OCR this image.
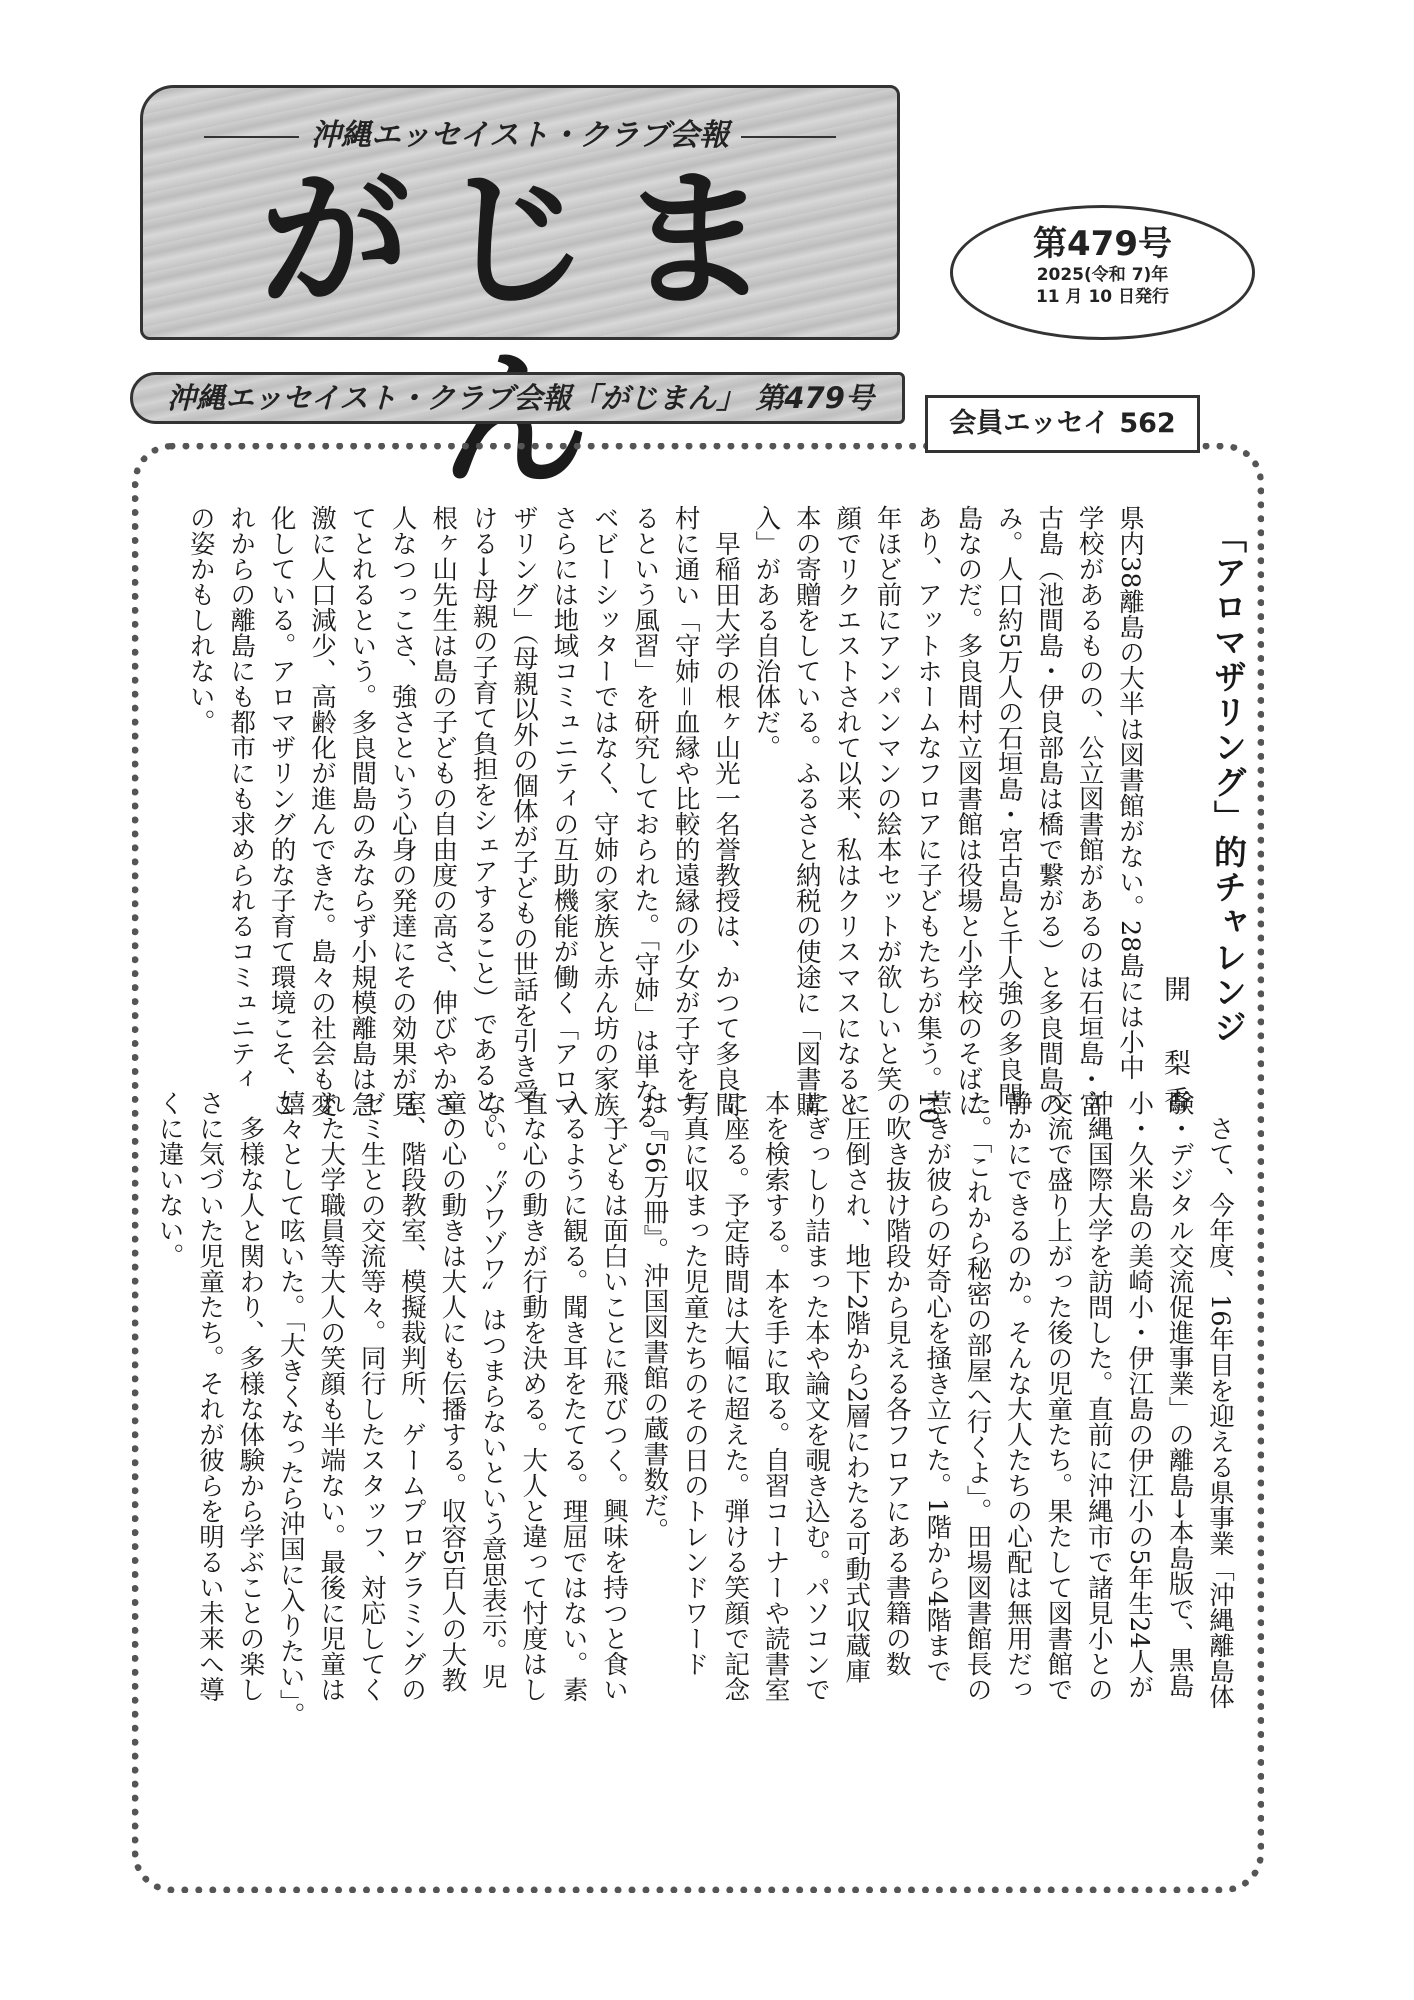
沖縄エッセイスト・クラブ会報
がじま	第479号
2025(令和 7)年
11 月 10 日発行
沖縄エッセイスト・クラブ会報「がじまん」 第479号
会員エッセイ 562
「アロマザリング」的チャレンジ
開　梨香
県内38離島の大半は図書館がない。28島には小中
学校があるものの、公立図書館があるのは石垣島・宮
古島（池間島・伊良部島は橋で繋がる）と多良間島の
み。人口約5万人の石垣島・宮古島と千人強の多良間
島なのだ。多良間村立図書館は役場と小学校のそばに
あり、アットホームなフロアに子どもたちが集う。10
年ほど前にアンパンマンの絵本セットが欲しいと笑
顔でリクエストされて以来、私はクリスマスになると
本の寄贈をしている。ふるさと納税の使途に「図書購
入」がある自治体だ。
　早稲田大学の根ヶ山光一名誉教授は、かつて多良間
村に通い「守姉＝血縁や比較的遠縁の少女が子守をす
るという風習」を研究しておられた。「守姉」は単なる
ベビーシッターではなく、守姉の家族と赤ん坊の家族、
さらには地域コミュニティの互助機能が働く「アロマ
ザリング」（母親以外の個体が子どもの世話を引き受
ける→母親の子育て負担をシェアすること）であると。
根ヶ山先生は島の子どもの自由度の高さ、伸びやかさ、
人なつっこさ、強さという心身の発達にその効果が見
てとれるという。多良間島のみならず小規模離島は急
激に人口減少、高齢化が進んできた。島々の社会も変
化している。アロマザリング的な子育て環境こそ、こ
れからの離島にも都市にも求められるコミュニティ
の姿かもしれない。
　さて、今年度、16年目を迎える県事業「沖縄離島体
験・デジタル交流促進事業」の離島→本島版で、黒島
小・久米島の美崎小・伊江島の伊江小の5年生24人が
沖縄国際大学を訪問した。直前に沖縄市で諸見小との
交流で盛り上がった後の児童たち。果たして図書館で
静かにできるのか。そんな大人たちの心配は無用だっ
た。「これから秘密の部屋へ行くよ」。田場図書館長の
惹きが彼らの好奇心を掻き立てた。1階から4階まで
の吹き抜け階段から見える各フロアにある書籍の数
に圧倒され、地下2階から2層にわたる可動式収蔵庫
にぎっしり詰まった本や論文を覗き込む。パソコンで
本を検索する。本を手に取る。自習コーナーや読書室
に座る。予定時間は大幅に超えた。弾ける笑顔で記念
写真に収まった児童たちのその日のトレンドワード
は『56万冊』。沖国図書館の蔵書数だ。
　子どもは面白いことに飛びつく。興味を持つと食い
入るように観る。聞き耳をたてる。理屈ではない。素
直な心の動きが行動を決める。大人と違って忖度はし
ない。〝ゾワゾワ〟はつまらないという意思表示。児
童の心の動きは大人にも伝播する。収容5百人の大教
室、階段教室、模擬裁判所、ゲームプログラミングの
ゼミ生との交流等々。同行したスタッフ、対応してく
れた大学職員等大人の笑顔も半端ない。最後に児童は
嬉々として呟いた。「大きくなったら沖国に入りたい」。
　多様な人と関わり、多様な体験から学ぶことの楽し
さに気づいた児童たち。それが彼らを明るい未来へ導
くに違いない。
